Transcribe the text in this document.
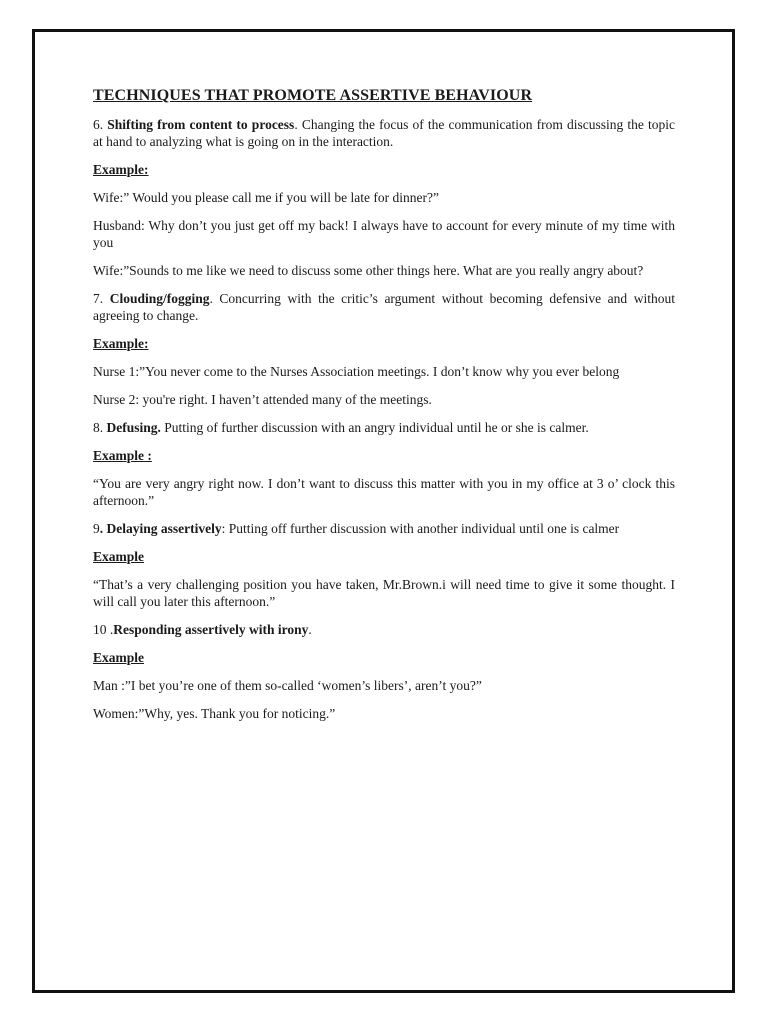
TECHNIQUES THAT PROMOTE ASSERTIVE BEHAVIOUR

6. Shifting from content to process. Changing the focus of the communication from discussing the topic at hand to analyzing what is going on in the interaction.

Example:

Wife:” Would you please call me if you will be late for dinner?”

Husband: Why don’t you just get off my back! I always have to account for every minute of my time with you

Wife:”Sounds to me like we need to discuss some other things here. What are you really angry about?

7. Clouding/fogging. Concurring with the critic’s argument without becoming defensive and without agreeing to change.

Example:

Nurse 1:”You never come to the Nurses Association meetings. I don’t know why you ever belong

Nurse 2: you're right. I haven’t attended many of the meetings.

8. Defusing. Putting of further discussion with an angry individual until he or she is calmer.

Example :

“You are very angry right now. I don’t want to discuss this matter with you in my office at 3 o’ clock this afternoon.”

9. Delaying assertively: Putting off further discussion with another individual until one is calmer

Example

“That’s a very challenging position you have taken, Mr.Brown.i will need time to give it some thought. I will call you later this afternoon.”

10 .Responding assertively with irony.

Example

Man :”I bet you’re one of them so-called ‘women’s libers’, aren’t you?”

Women:”Why, yes. Thank you for noticing.”
